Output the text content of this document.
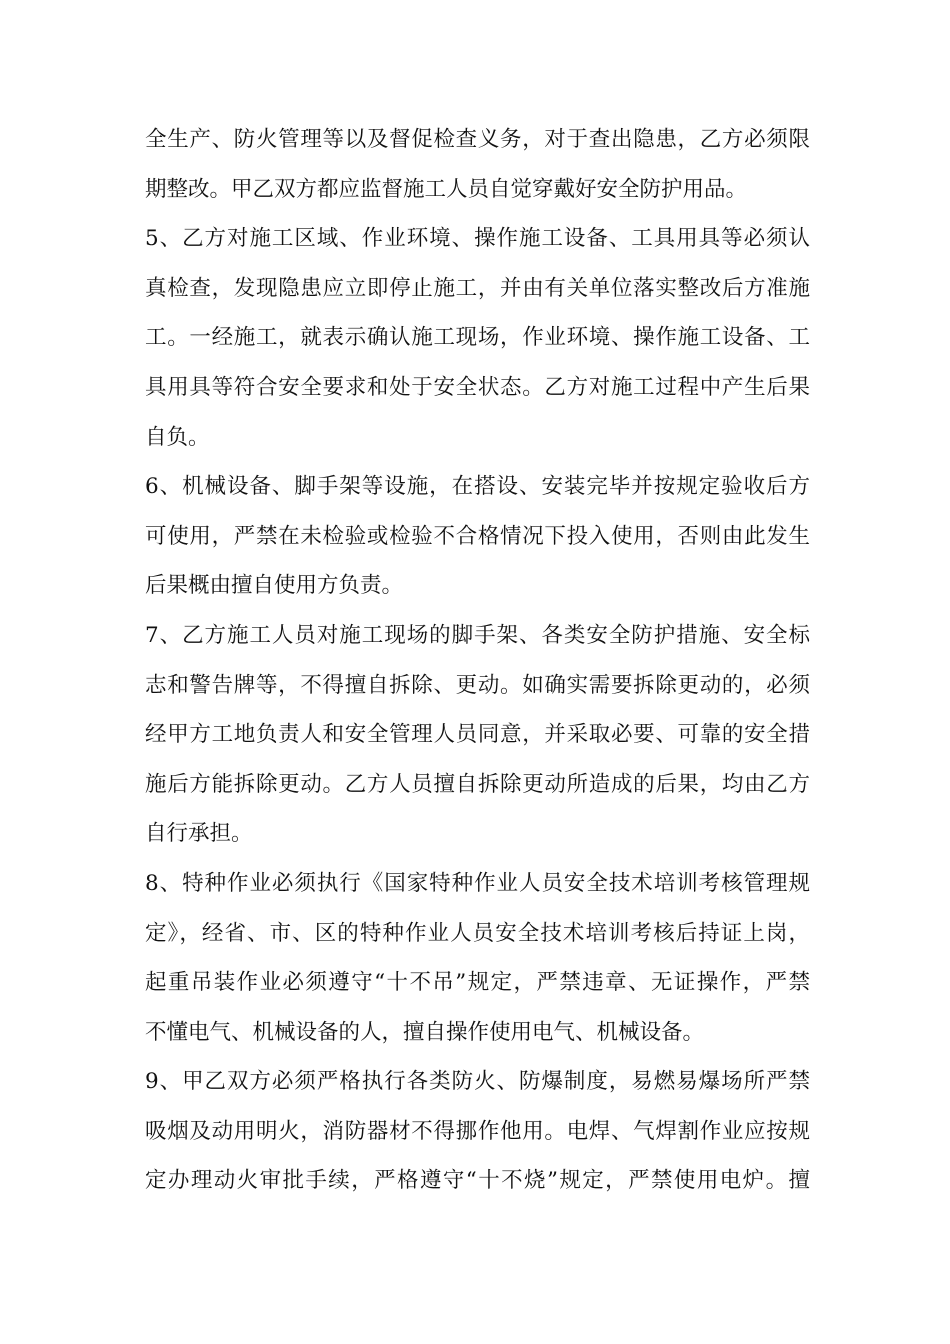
全生产、防火管理等以及督促检查义务，对于查出隐患，乙方必须限
期整改。甲乙双方都应监督施工人员自觉穿戴好安全防护用品。
5、乙方对施工区域、作业环境、操作施工设备、工具用具等必须认
真检查，发现隐患应立即停止施工，并由有关单位落实整改后方准施
工。一经施工，就表示确认施工现场，作业环境、操作施工设备、工
具用具等符合安全要求和处于安全状态。乙方对施工过程中产生后果
自负。
6、机械设备、脚手架等设施，在搭设、安装完毕并按规定验收后方
可使用，严禁在未检验或检验不合格情况下投入使用，否则由此发生
后果概由擅自使用方负责。
7、乙方施工人员对施工现场的脚手架、各类安全防护措施、安全标
志和警告牌等，不得擅自拆除、更动。如确实需要拆除更动的，必须
经甲方工地负责人和安全管理人员同意，并采取必要、可靠的安全措
施后方能拆除更动。乙方人员擅自拆除更动所造成的后果，均由乙方
自行承担。
8、特种作业必须执行《国家特种作业人员安全技术培训考核管理规
定》，经省、市、区的特种作业人员安全技术培训考核后持证上岗，
起重吊装作业必须遵守“十不吊”规定，严禁违章、无证操作，严禁
不懂电气、机械设备的人，擅自操作使用电气、机械设备。
9、甲乙双方必须严格执行各类防火、防爆制度，易燃易爆场所严禁
吸烟及动用明火，消防器材不得挪作他用。电焊、气焊割作业应按规
定办理动火审批手续，严格遵守“十不烧”规定，严禁使用电炉。擅
